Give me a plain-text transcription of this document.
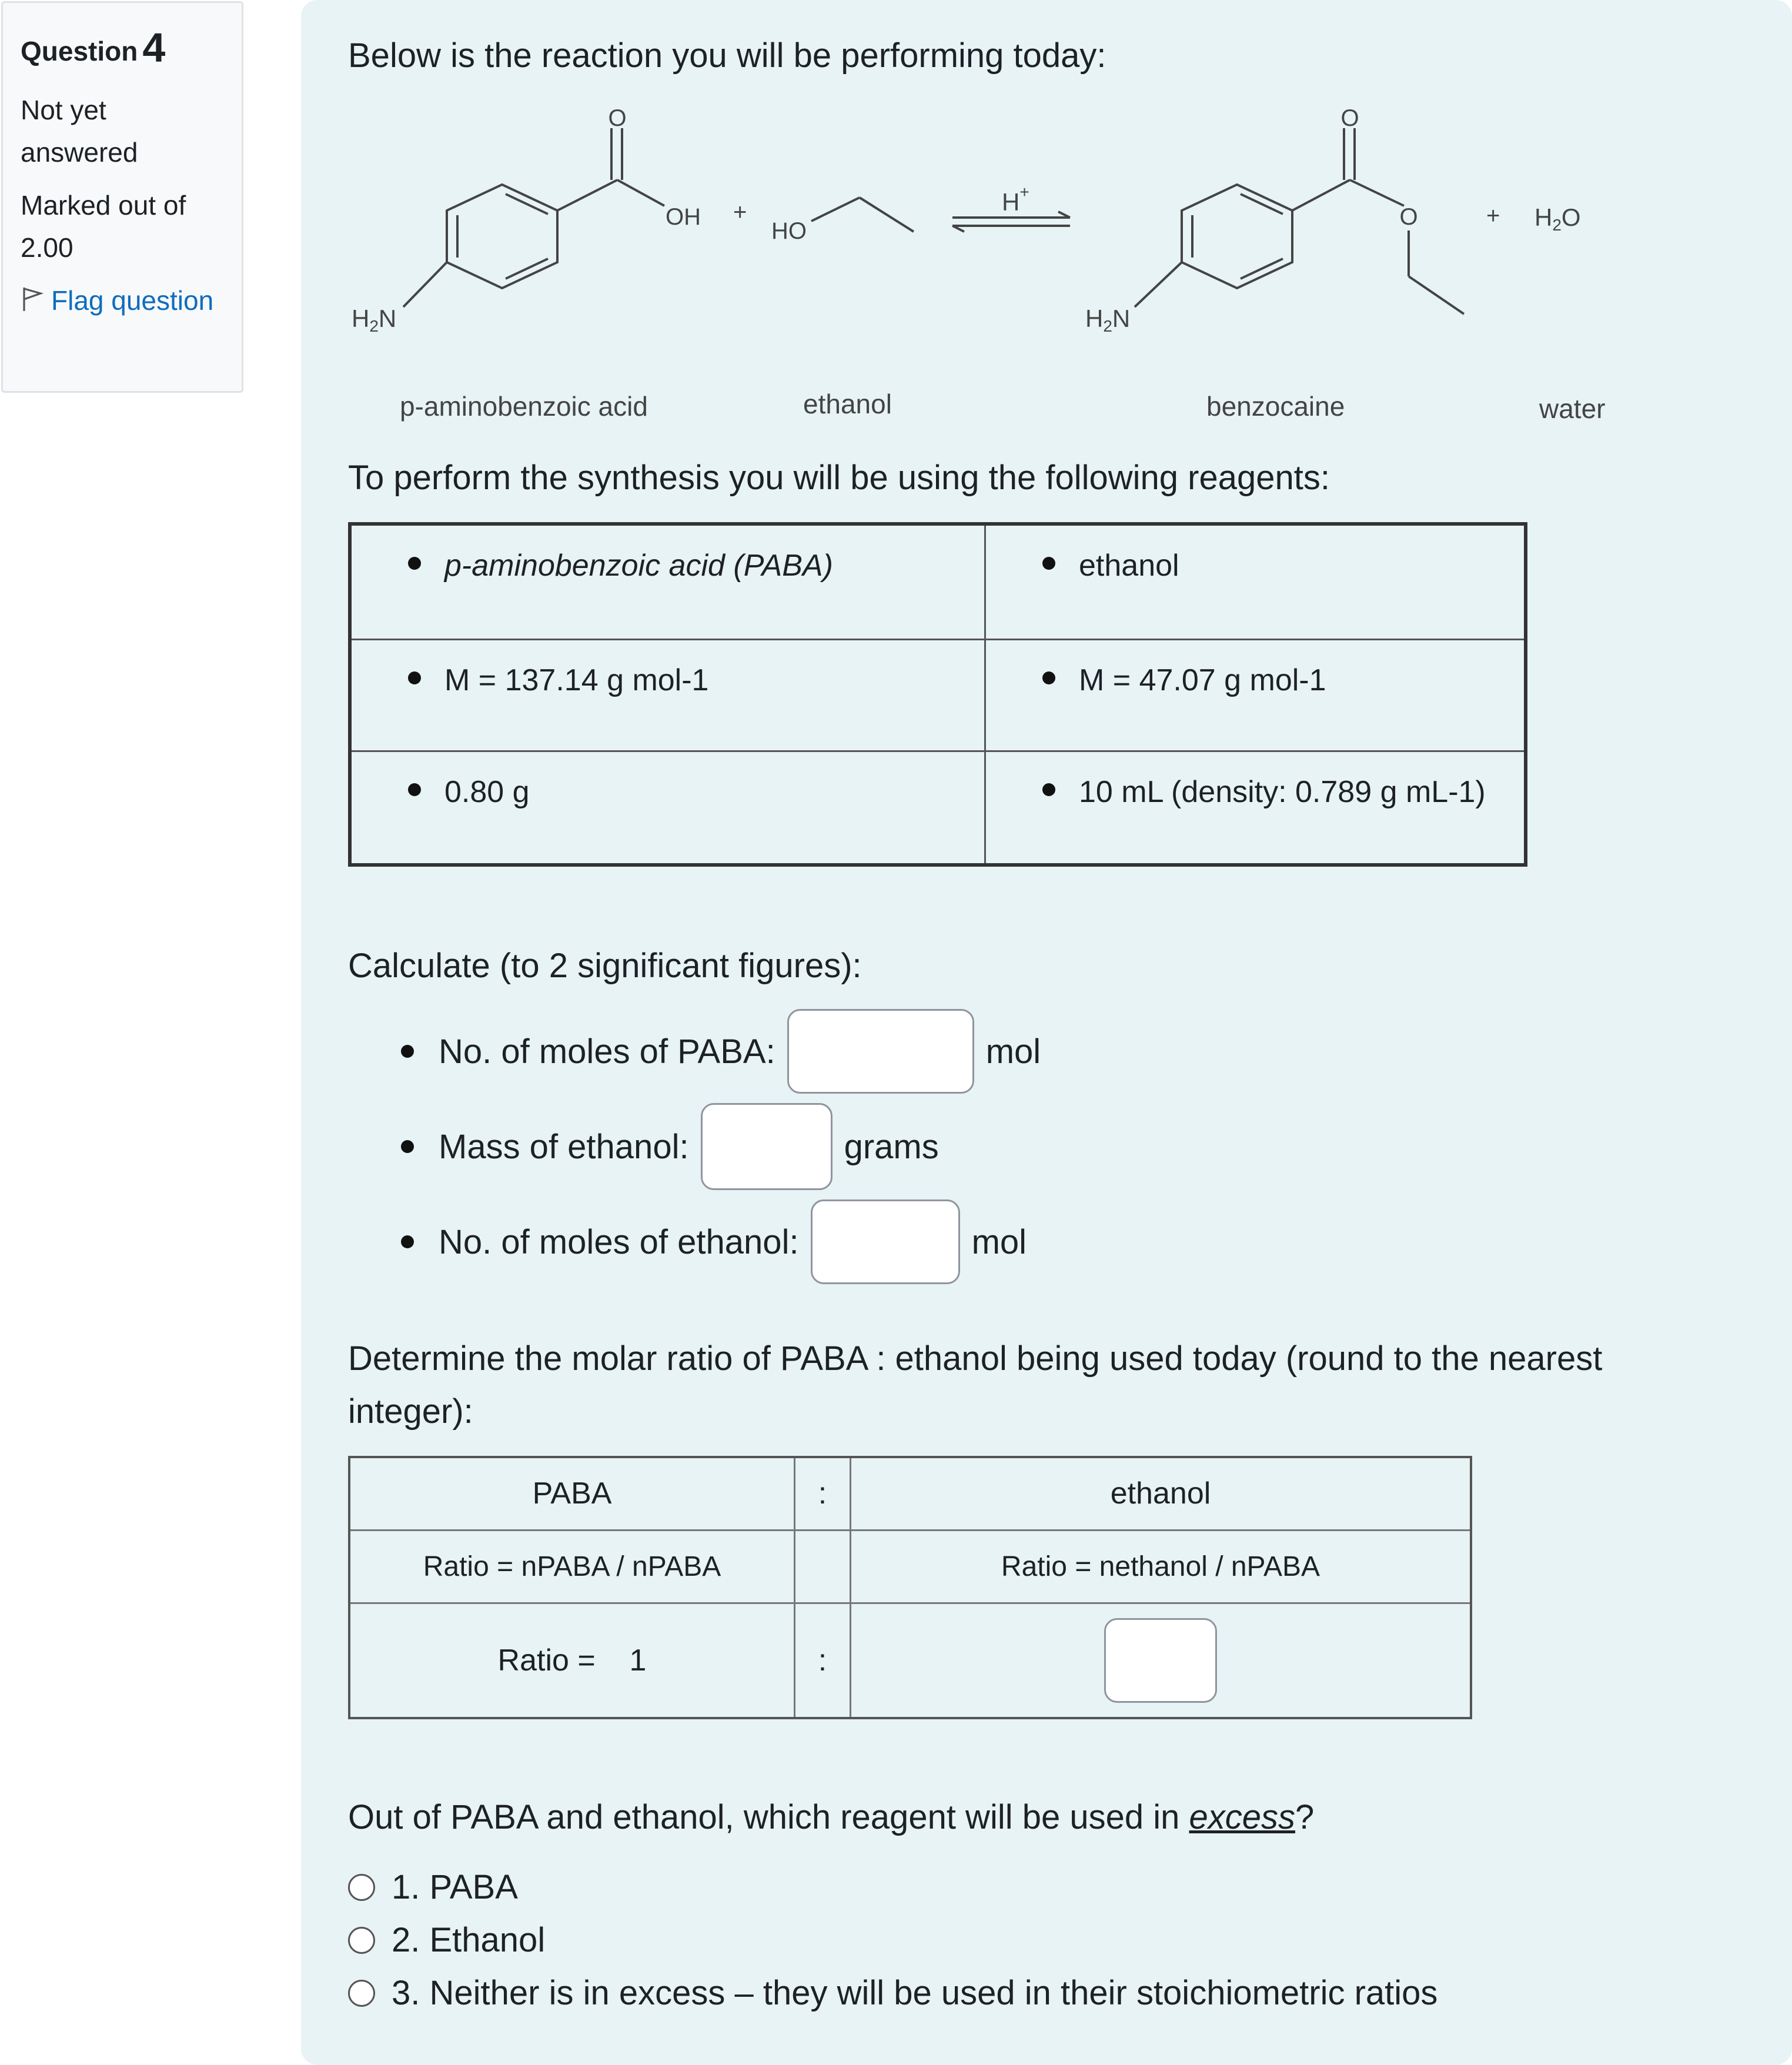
Question 4
Not yet answered
Marked out of 2.00
Flag question
Below is the reaction you will be performing today:
O
OH +
HO
O
O	+
H2N	H2N
H+
H2O
p-aminobenzoic acid	ethanol	benzocaine	water
To perform the synthesis you will be using the following reagents:
p-aminobenzoic acid (PABA)	ethanol

M = 137.14 g mol-1	M = 47.07 g mol-1

0.80 g	10 mL (density: 0.789 g mL-1)
Calculate (to 2 significant figures):
No. of moles of PABA:	mol
Mass of ethanol:	grams
No. of moles of ethanol:	mol
Determine the molar ratio of PABA : ethanol being used today (round to the nearest
integer):
PABA	:	ethanol
Ratio = nPABA / nPABA		Ratio = nethanol / nPABA
Ratio = 1	:	
Out of PABA and ethanol, which reagent will be used in excess?
1. PABA
2. Ethanol
3. Neither is in excess – they will be used in their stoichiometric ratios
